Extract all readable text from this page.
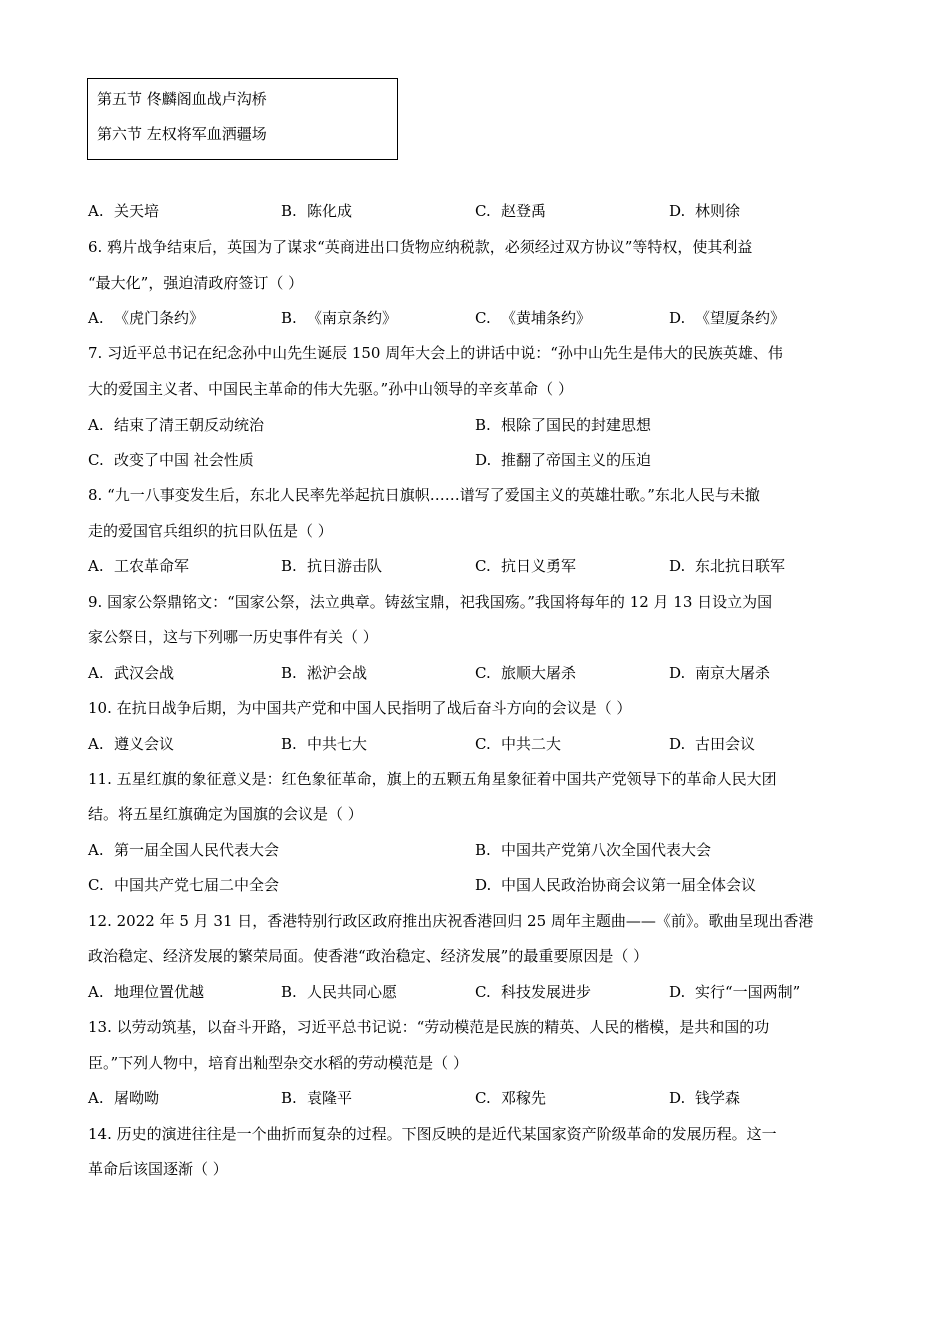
第五节 佟麟阁血战卢沟桥
第六节 左权将军血洒疆场
A. 关天培	B. 陈化成	C. 赵登禹	D. 林则徐
6. 鸦片战争结束后，英国为了谋求“英商进出口货物应纳税款，必须经过双方协议”等特权，使其利益
“最大化”，强迫清政府签订（ ）
A. 《虎门条约》	B. 《南京条约》	C. 《黄埔条约》	D. 《望厦条约》
7. 习近平总书记在纪念孙中山先生诞辰 150 周年大会上的讲话中说：“孙中山先生是伟大的民族英雄、伟
大的爱国主义者、中国民主革命的伟大先驱。”孙中山领导的辛亥革命（ ）
A. 结束了清王朝反动统治	B. 根除了国民的封建思想
C. 改变了中国 社会性质	D. 推翻了帝国主义的压迫
8. “九一八事变发生后，东北人民率先举起抗日旗帜……谱写了爱国主义的英雄壮歌。”东北人民与未撤
走的爱国官兵组织的抗日队伍是（ ）
A. 工农革命军	B. 抗日游击队	C. 抗日义勇军	D. 东北抗日联军
9. 国家公祭鼎铭文：“国家公祭，法立典章。铸兹宝鼎，祀我国殇。”我国将每年的 12 月 13 日设立为国
家公祭日，这与下列哪一历史事件有关（ ）
A. 武汉会战	B. 淞沪会战	C. 旅顺大屠杀	D. 南京大屠杀
10. 在抗日战争后期，为中国共产党和中国人民指明了战后奋斗方向的会议是（ ）
A. 遵义会议	B. 中共七大	C. 中共二大	D. 古田会议
11. 五星红旗的象征意义是：红色象征革命，旗上的五颗五角星象征着中国共产党领导下的革命人民大团
结。将五星红旗确定为国旗的会议是（ ）
A. 第一届全国人民代表大会	B. 中国共产党第八次全国代表大会
C. 中国共产党七届二中全会	D. 中国人民政治协商会议第一届全体会议
12. 2022 年 5 月 31 日，香港特别行政区政府推出庆祝香港回归 25 周年主题曲——《前》。歌曲呈现出香港
政治稳定、经济发展的繁荣局面。使香港“政治稳定、经济发展”的最重要原因是（ ）
A. 地理位置优越	B. 人民共同心愿	C. 科技发展进步	D. 实行“一国两制”
13. 以劳动筑基，以奋斗开路，习近平总书记说：“劳动模范是民族的精英、人民的楷模，是共和国的功
臣。”下列人物中，培育出籼型杂交水稻的劳动模范是（ ）
A. 屠呦呦	B. 袁隆平	C. 邓稼先	D. 钱学森
14. 历史的演进往往是一个曲折而复杂的过程。下图反映的是近代某国家资产阶级革命的发展历程。这一
革命后该国逐渐（ ）
